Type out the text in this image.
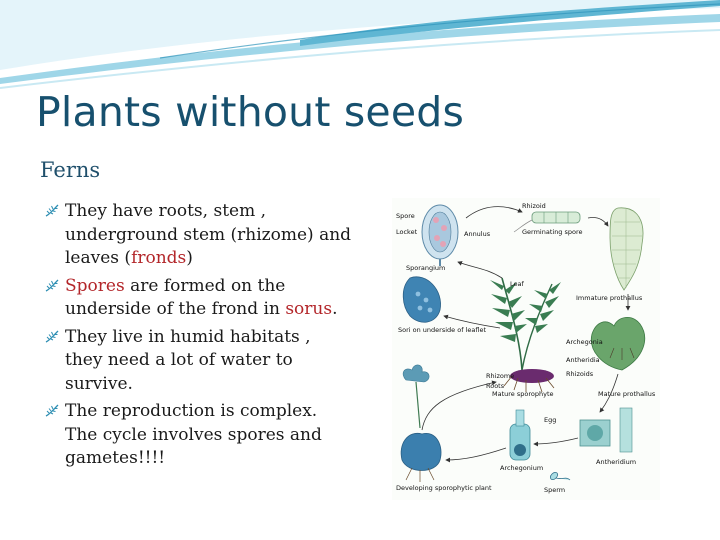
Plants without seeds
Ferns
They have roots, stem , underground stem (rhizome) and leaves (fronds)
Spores are formed on the underside of the frond in sorus.
They live in humid habitats , they need a lot of water to survive.
The reproduction is complex. The cycle involves spores and gametes!!!!
Spore
Locket	Annulus
Rhizoid
Germinating spore
Sporangium
Leaf
Immature prothallus
Sori on underside of leaflet
Archegonia
Antheridia
Rhizoids
Rhizome
Roots
Mature sporophyte	Mature prothallus
Egg
Archegonium
Antheridium
Developing sporophytic plant	Sperm
